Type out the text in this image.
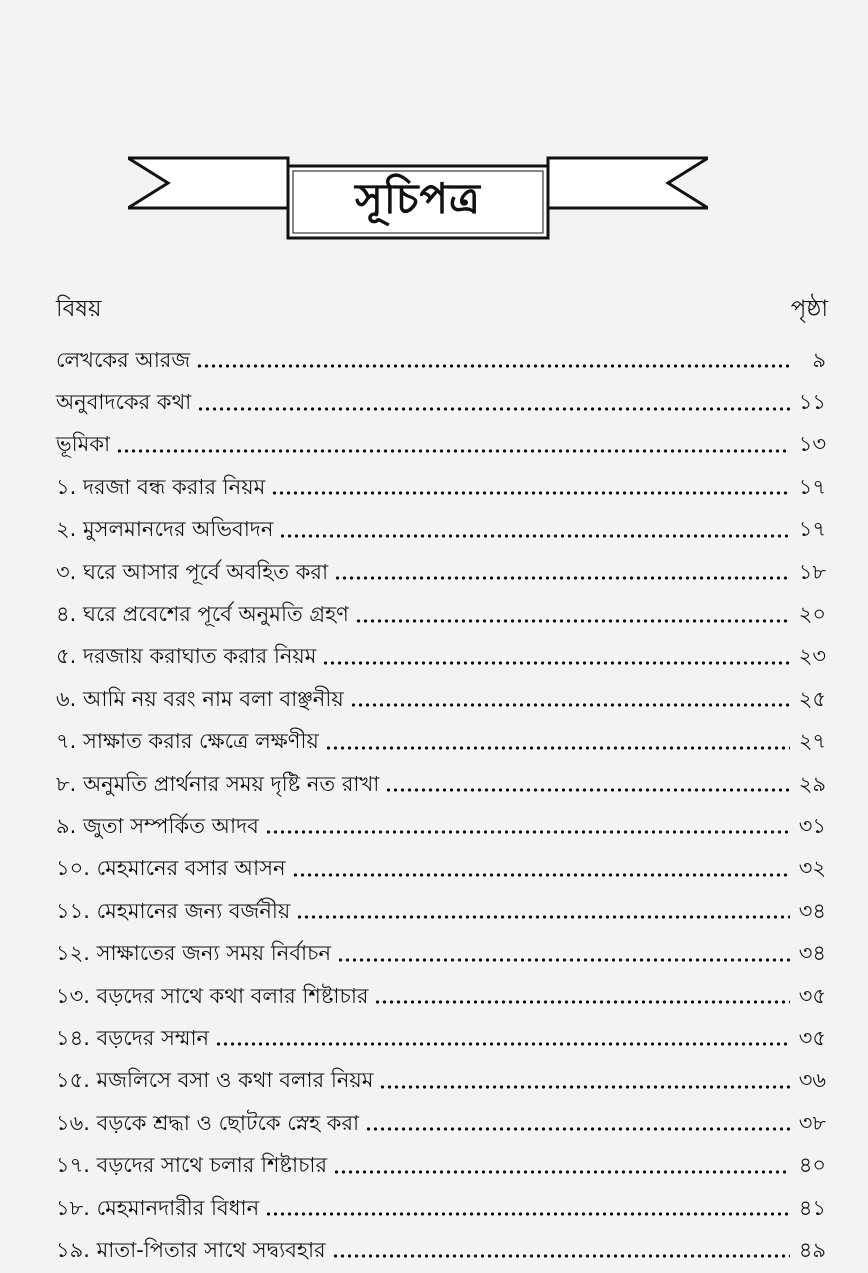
সূচিপত্র
বিষয়	পৃষ্ঠা
লেখকের আরজ	৯
অনুবাদকের কথা	১১
ভূমিকা	১৩
১. দরজা বন্ধ করার নিয়ম	১৭
২. মুসলমানদের অভিবাদন	১৭
৩. ঘরে আসার পূর্বে অবহিত করা	১৮
৪. ঘরে প্রবেশের পূর্বে অনুমতি গ্রহণ	২০
৫. দরজায় করাঘাত করার নিয়ম	২৩
৬. আমি নয় বরং নাম বলা বাঞ্ছনীয়	২৫
৭. সাক্ষাত করার ক্ষেত্রে লক্ষণীয়	২৭
৮. অনুমতি প্রার্থনার সময় দৃষ্টি নত রাখা	২৯
৯. জুতা সম্পর্কিত আদব	৩১
১০. মেহমানের বসার আসন	৩২
১১. মেহমানের জন্য বর্জনীয়	৩৪
১২. সাক্ষাতের জন্য সময় নির্বাচন	৩৪
১৩. বড়দের সাথে কথা বলার শিষ্টাচার	৩৫
১৪. বড়দের সম্মান	৩৫
১৫. মজলিসে বসা ও কথা বলার নিয়ম	৩৬
১৬. বড়কে শ্রদ্ধা ও ছোটকে স্নেহ করা	৩৮
১৭. বড়দের সাথে চলার শিষ্টাচার	৪০
১৮. মেহমানদারীর বিধান	৪১
১৯. মাতা-পিতার সাথে সদ্ব্যবহার	৪৯
